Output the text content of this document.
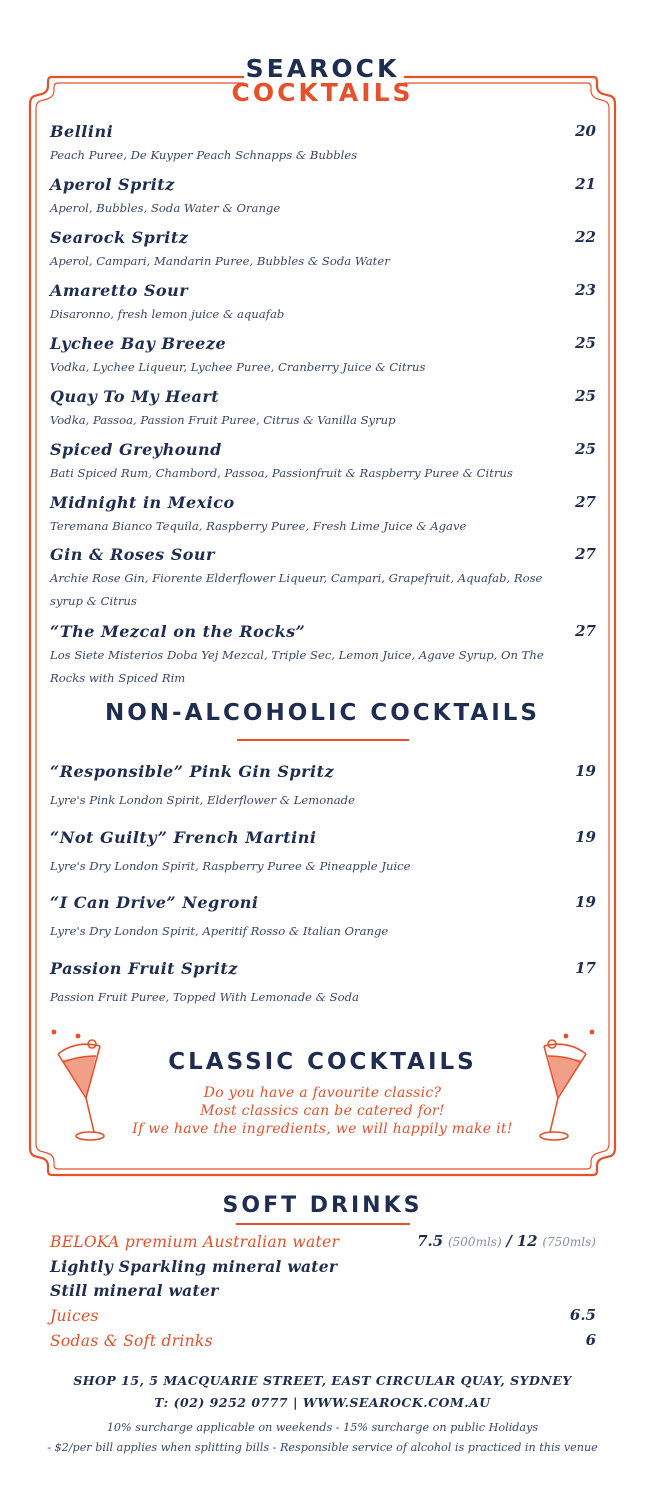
SEAROCK
COCKTAILS
Bellini	20
Peach Puree, De Kuyper Peach Schnapps & Bubbles
Aperol Spritz	21
Aperol, Bubbles, Soda Water & Orange
Searock Spritz	22
Aperol, Campari, Mandarin Puree, Bubbles & Soda Water
Amaretto Sour	23
Disaronno, fresh lemon juice & aquafab
Lychee Bay Breeze	25
Vodka, Lychee Liqueur, Lychee Puree, Cranberry Juice & Citrus
Quay To My Heart	25
Vodka, Passoa, Passion Fruit Puree, Citrus & Vanilla Syrup
Spiced Greyhound	25
Bati Spiced Rum, Chambord, Passoa, Passionfruit & Raspberry Puree & Citrus
Midnight in Mexico	27
Teremana Bianco Tequila, Raspberry Puree, Fresh Lime Juice & Agave
Gin & Roses Sour	27
Archie Rose Gin, Fiorente Elderflower Liqueur, Campari, Grapefruit, Aquafab, Rose syrup & Citrus
“The Mezcal on the Rocks”	27
Los Siete Misterios Doba Yej Mezcal, Triple Sec, Lemon Juice, Agave Syrup, On The Rocks with Spiced Rim
NON-ALCOHOLIC COCKTAILS
“Responsible” Pink Gin Spritz	19
Lyre's Pink London Spirit, Elderflower & Lemonade
“Not Guilty” French Martini	19
Lyre's Dry London Spirit, Raspberry Puree & Pineapple Juice
“I Can Drive” Negroni	19
Lyre's Dry London Spirit, Aperitif Rosso & Italian Orange
Passion Fruit Spritz	17
Passion Fruit Puree, Topped With Lemonade & Soda
CLASSIC COCKTAILS
Do you have a favourite classic?
Most classics can be catered for!
If we have the ingredients, we will happily make it!
SOFT DRINKS
BELOKA premium Australian water	7.5 (500mls) / 12 (750mls)
Lightly Sparkling mineral water
Still mineral water
Juices	6.5
Sodas & Soft drinks	6
SHOP 15, 5 MACQUARIE STREET, EAST CIRCULAR QUAY, SYDNEY
T: (02) 9252 0777 | WWW.SEAROCK.COM.AU
10% surcharge applicable on weekends - 15% surcharge on public Holidays
- $2/per bill applies when splitting bills - Responsible service of alcohol is practiced in this venue
